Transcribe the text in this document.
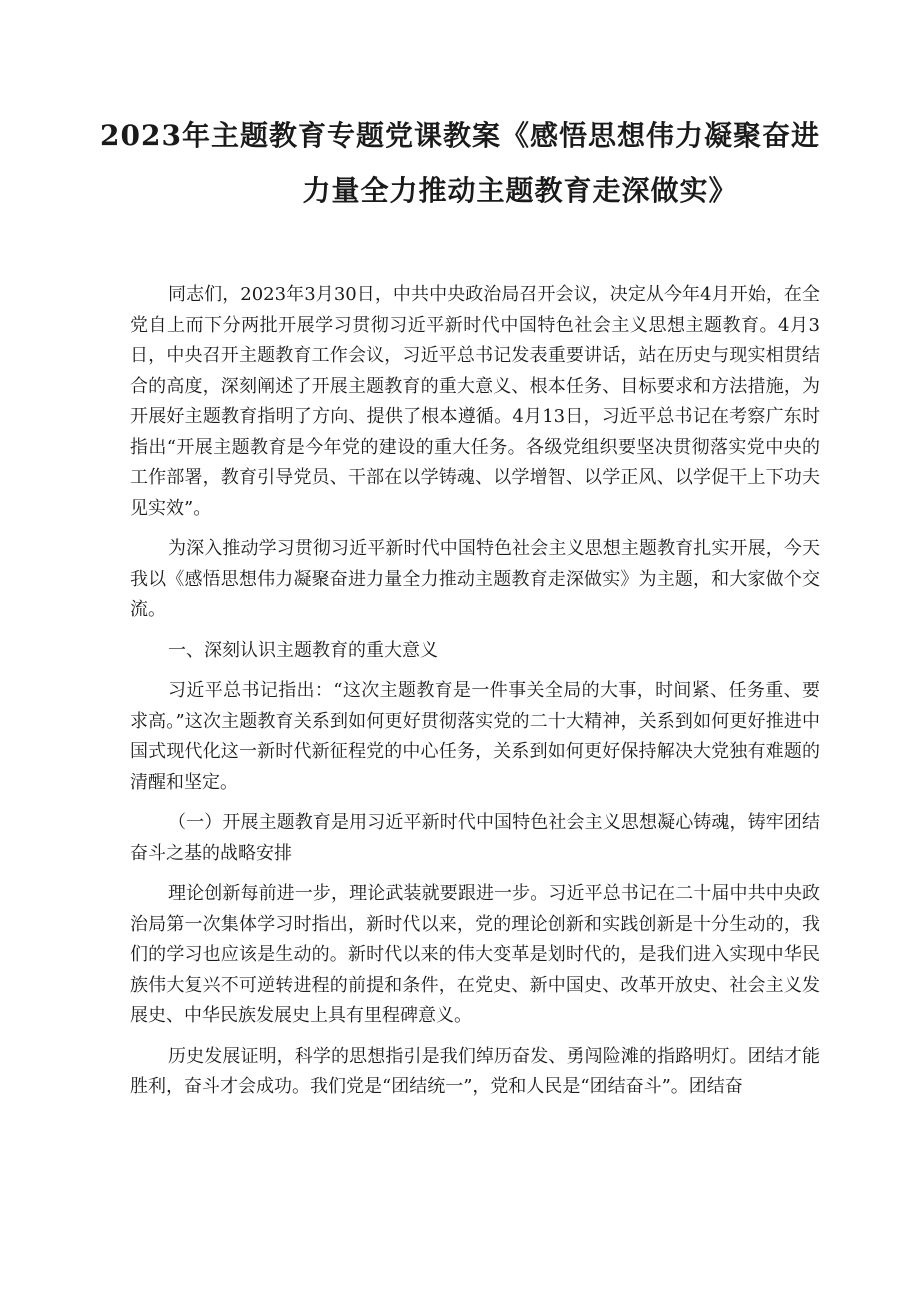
2023年主题教育专题党课教案《感悟思想伟力凝聚奋进
力量全力推动主题教育走深做实》

同志们，2023年3月30日，中共中央政治局召开会议，决定从今年4月开始，在全党自上而下分两批开展学习贯彻习近平新时代中国特色社会主义思想主题教育。4月3日，中央召开主题教育工作会议，习近平总书记发表重要讲话，站在历史与现实相贯结合的高度，深刻阐述了开展主题教育的重大意义、根本任务、目标要求和方法措施，为开展好主题教育指明了方向、提供了根本遵循。4月13日，习近平总书记在考察广东时指出“开展主题教育是今年党的建设的重大任务。各级党组织要坚决贯彻落实党中央的工作部署，教育引导党员、干部在以学铸魂、以学增智、以学正风、以学促干上下功夫见实效”。

为深入推动学习贯彻习近平新时代中国特色社会主义思想主题教育扎实开展，今天我以《感悟思想伟力凝聚奋进力量全力推动主题教育走深做实》为主题，和大家做个交流。

一、深刻认识主题教育的重大意义

习近平总书记指出：“这次主题教育是一件事关全局的大事，时间紧、任务重、要求高。”这次主题教育关系到如何更好贯彻落实党的二十大精神，关系到如何更好推进中国式现代化这一新时代新征程党的中心任务，关系到如何更好保持解决大党独有难题的清醒和坚定。

（一）开展主题教育是用习近平新时代中国特色社会主义思想凝心铸魂，铸牢团结奋斗之基的战略安排

理论创新每前进一步，理论武装就要跟进一步。习近平总书记在二十届中共中央政治局第一次集体学习时指出，新时代以来，党的理论创新和实践创新是十分生动的，我们的学习也应该是生动的。新时代以来的伟大变革是划时代的，是我们进入实现中华民族伟大复兴不可逆转进程的前提和条件，在党史、新中国史、改革开放史、社会主义发展史、中华民族发展史上具有里程碑意义。

历史发展证明，科学的思想指引是我们绰历奋发、勇闯险滩的指路明灯。团结才能胜利，奋斗才会成功。我们党是“团结统一”，党和人民是“团结奋斗”。团结奋
